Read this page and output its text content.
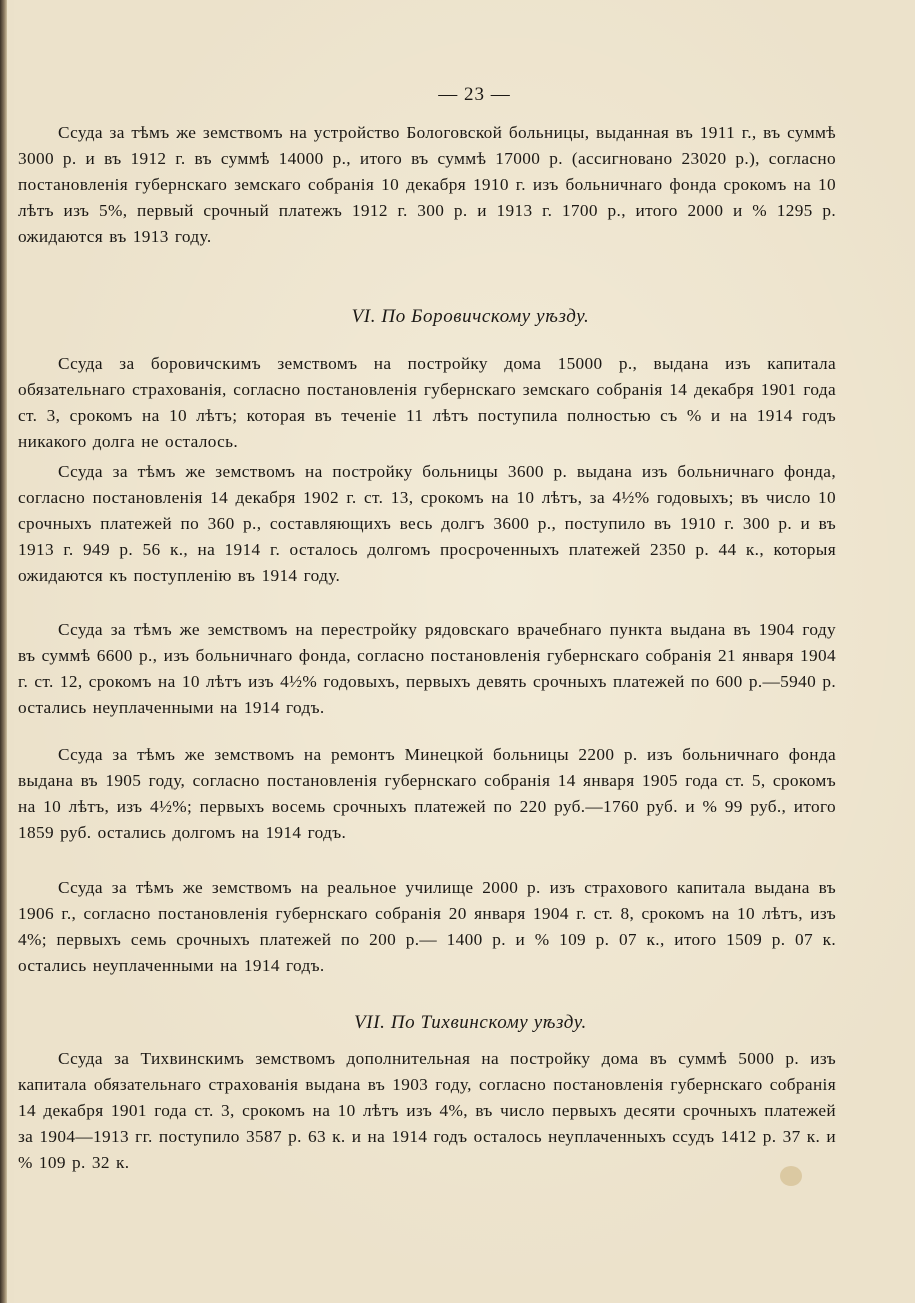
— 23 —

Ссуда за тѣмъ же земствомъ на устройство Бологовской больницы, выданная въ 1911 г., въ суммѣ 3000 р. и въ 1912 г. въ суммѣ 14000 р., итого въ суммѣ 17000 р. (ассигновано 23020 р.), согласно постановленія губернскаго земскаго собранія 10 декабря 1910 г. изъ больничнаго фонда срокомъ на 10 лѣтъ изъ 5%, первый срочный платежъ 1912 г. 300 р. и 1913 г. 1700 р., итого 2000 и % 1295 р. ожидаются въ 1913 году.

VI. По Боровичскому уѣзду.

Ссуда за боровичскимъ земствомъ на постройку дома 15000 р., выдана изъ капитала обязательнаго страхованія, согласно постановленія губернскаго земскаго собранія 14 декабря 1901 года ст. 3, срокомъ на 10 лѣтъ; которая въ теченіе 11 лѣтъ поступила полностью съ % и на 1914 годъ никакого долга не осталось.

Ссуда за тѣмъ же земствомъ на постройку больницы 3600 р. выдана изъ больничнаго фонда, согласно постановленія 14 декабря 1902 г. ст. 13, срокомъ на 10 лѣтъ, за 4½% годовыхъ; въ число 10 срочныхъ платежей по 360 р., составляющихъ весь долгъ 3600 р., поступило въ 1910 г. 300 р. и въ 1913 г. 949 р. 56 к., на 1914 г. осталось долгомъ просроченныхъ платежей 2350 р. 44 к., которыя ожидаются къ поступленію въ 1914 году.

Ссуда за тѣмъ же земствомъ на перестройку рядовскаго врачебнаго пункта выдана въ 1904 году въ суммѣ 6600 р., изъ больничнаго фонда, согласно постановленія губернскаго собранія 21 января 1904 г. ст. 12, срокомъ на 10 лѣтъ изъ 4½% годовыхъ, первыхъ девять срочныхъ платежей по 600 р.—5940 р. остались неуплаченными на 1914 годъ.

Ссуда за тѣмъ же земствомъ на ремонтъ Минецкой больницы 2200 р. изъ больничнаго фонда выдана въ 1905 году, согласно постановленія губернскаго собранія 14 января 1905 года ст. 5, срокомъ на 10 лѣтъ, изъ 4½%; первыхъ восемь срочныхъ платежей по 220 руб.—1760 руб. и % 99 руб., итого 1859 руб. остались долгомъ на 1914 годъ.

Ссуда за тѣмъ же земствомъ на реальное училище 2000 р. изъ страхового капитала выдана въ 1906 г., согласно постановленія губернскаго собранія 20 января 1904 г. ст. 8, срокомъ на 10 лѣтъ, изъ 4%; первыхъ семь срочныхъ платежей по 200 р.— 1400 р. и % 109 р. 07 к., итого 1509 р. 07 к. остались неуплаченными на 1914 годъ.

VII. По Тихвинскому уѣзду.

Ссуда за Тихвинскимъ земствомъ дополнительная на постройку дома въ суммѣ 5000 р. изъ капитала обязательнаго страхованія выдана въ 1903 году, согласно постановленія губернскаго собранія 14 декабря 1901 года ст. 3, срокомъ на 10 лѣтъ изъ 4%, въ число первыхъ десяти срочныхъ платежей за 1904—1913 гг. поступило 3587 р. 63 к. и на 1914 годъ осталось неуплаченныхъ ссудъ 1412 р. 37 к. и % 109 р. 32 к.
